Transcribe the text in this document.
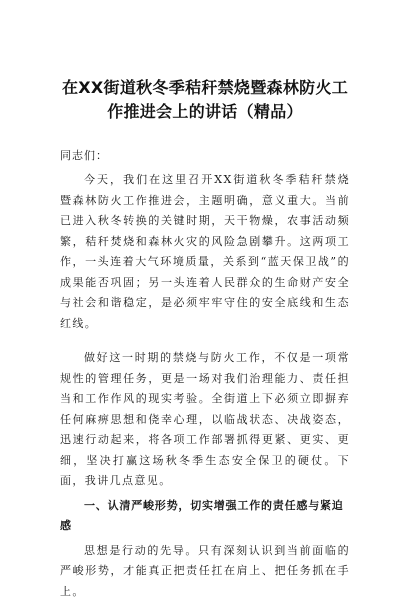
在XX街道秋冬季秸秆禁烧暨森林防火工
作推进会上的讲话（精品）

同志们：

今天，我们在这里召开XX街道秋冬季秸秆禁烧暨森林防火工作推进会，主题明确，意义重大。当前已进入秋冬转换的关键时期，天干物燥，农事活动频繁，秸秆焚烧和森林火灾的风险急剧攀升。这两项工作，一头连着大气环境质量，关系到“蓝天保卫战”的成果能否巩固；另一头连着人民群众的生命财产安全与社会和谐稳定，是必须牢牢守住的安全底线和生态红线。

做好这一时期的禁烧与防火工作，不仅是一项常规性的管理任务，更是一场对我们治理能力、责任担当和工作作风的现实考验。全街道上下必须立即摒弃任何麻痹思想和侥幸心理，以临战状态、决战姿态，迅速行动起来，将各项工作部署抓得更紧、更实、更细，坚决打赢这场秋冬季生态安全保卫的硬仗。下面，我讲几点意见。

一、认清严峻形势，切实增强工作的责任感与紧迫感

思想是行动的先导。只有深刻认识到当前面临的严峻形势，才能真正把责任扛在肩上、把任务抓在手上。
